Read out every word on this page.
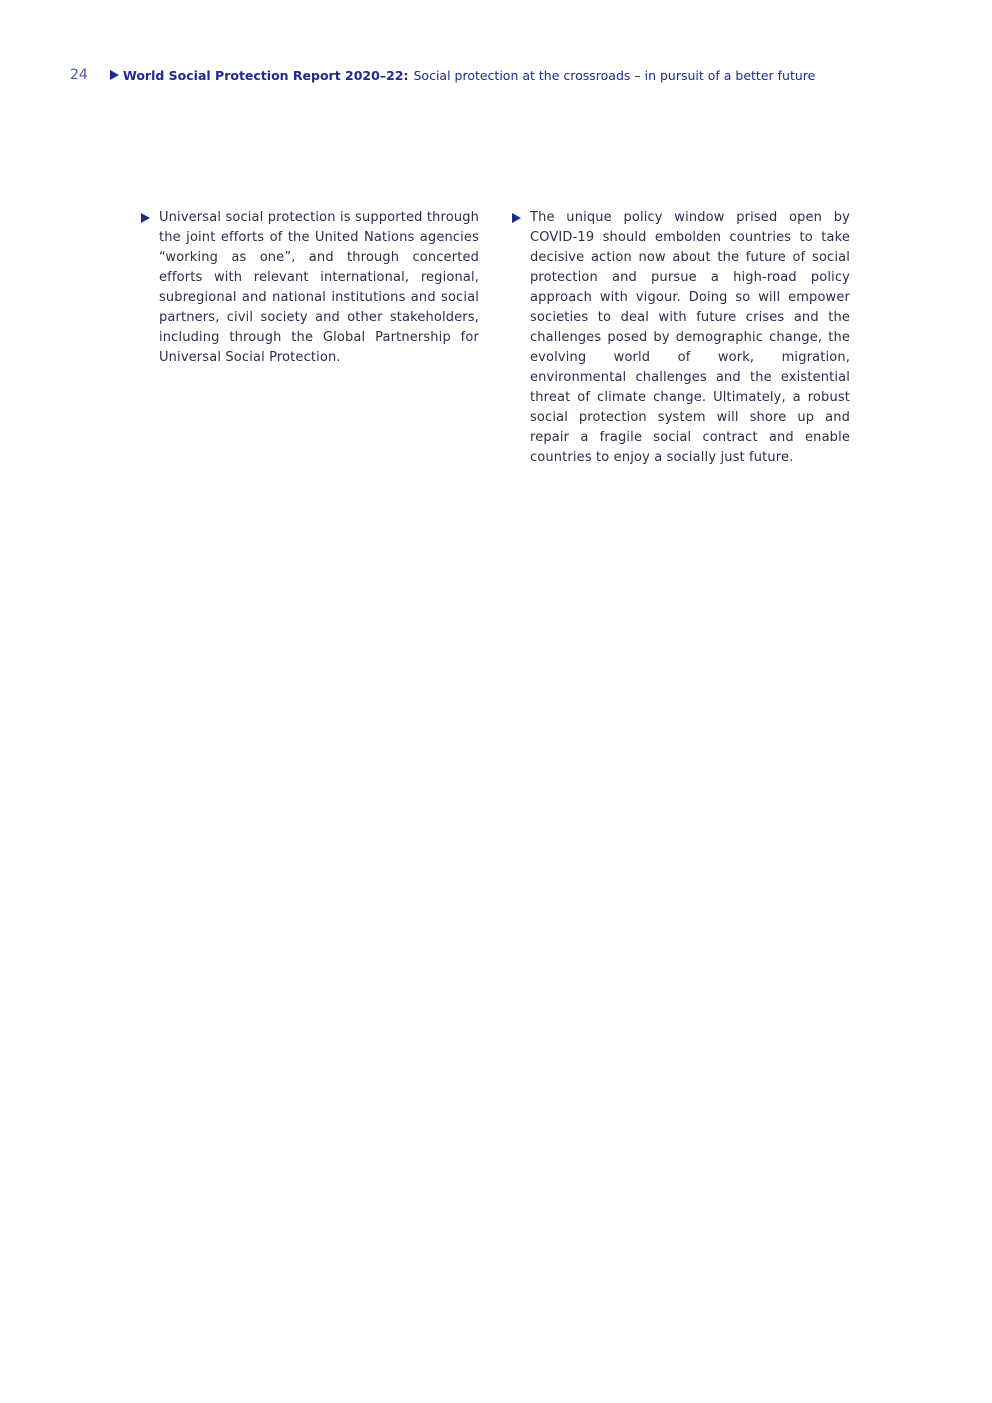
24	World Social Protection Report 2020–22: Social protection at the crossroads – in pursuit of a better future

Universal social protection is supported through the joint efforts of the United Nations agencies “working as one”, and through concerted efforts with relevant international, regional, subregional and national institutions and social partners, civil society and other stakeholders, including through the Global Partnership for Universal Social Protection.

The unique policy window prised open by COVID-19 should embolden countries to take decisive action now about the future of social protection and pursue a high-road policy approach with vigour. Doing so will empower societies to deal with future crises and the challenges posed by demographic change, the evolving world of work, migration, environmental challenges and the existential threat of climate change. Ultimately, a robust social protection system will shore up and repair a fragile social contract and enable countries to enjoy a socially just future.
